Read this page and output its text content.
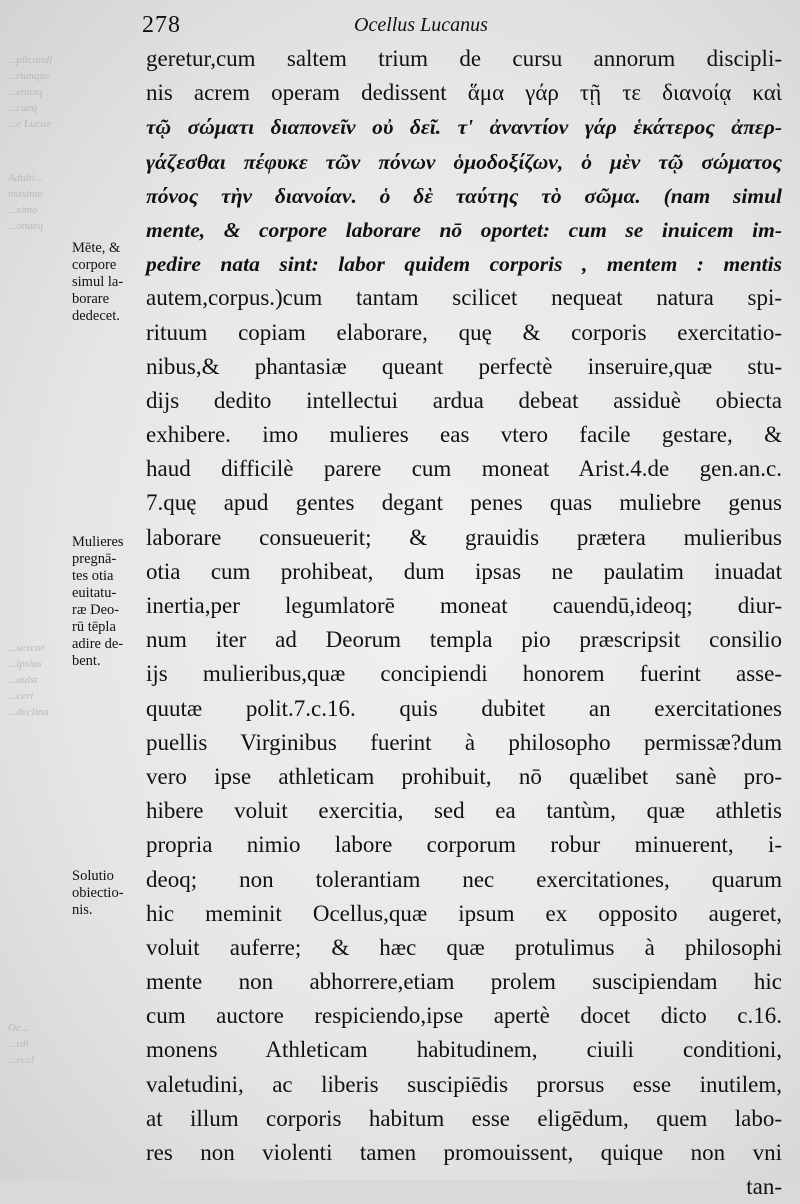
...plicandi
...rumque
...enaxq
...caeq
...e Lucae
Adulti...
maximo
...ximo
...onaeq
...sexcor
...ipsius
...aulst
...ceri
...declina
Oc...
...rdi
...eccl
278	Ocellus Lucanus
Mēte, &
corpore
simul la-
borare
dedecet.
Mulieres
pregnā-
tes otia
euitatu-
ræ Deo-
rū tēpla
adire de-
bent.
Solutio
obiectio-
nis.
geretur,cum saltem trium de cursu annorum discipli-
nis acrem operam dedissent ἅμα γάρ τῇ τε διανοίᾳ καὶ
τῷ σώματι διαπονεῖν οὐ δεῖ. τ' ἀναντίον γάρ ἑκάτερος ἀπερ-
γάζεσθαι πέφυκε τῶν πόνων ὁμοδοξίζων, ὁ μὲν τῷ σώματος
πόνος τὴν διανοίαν. ὁ δὲ ταύτης τὸ σῶμα. (nam simul
mente, & corpore laborare nō oportet: cum se inuicem im-
pedire nata sint: labor quidem corporis , mentem : mentis
autem,corpus.)cum tantam scilicet nequeat natura spi-
rituum copiam elaborare, quę & corporis exercitatio-
nibus,& phantasiæ queant perfectè inseruire,quæ stu-
dijs dedito intellectui ardua debeat assiduè obiecta
exhibere. imo mulieres eas vtero facile gestare, &
haud difficilè parere cum moneat Arist.4.de gen.an.c.
7.quę apud gentes degant penes quas muliebre genus
laborare consueuerit; & grauidis prætera mulieribus
otia cum prohibeat, dum ipsas ne paulatim inuadat
inertia,per legumlatorē moneat cauendū,ideoq; diur-
num iter ad Deorum templa pio præscripsit consilio
ijs mulieribus,quæ concipiendi honorem fuerint asse-
quutæ polit.7.c.16. quis dubitet an exercitationes
puellis Virginibus fuerint à philosopho permissæ?dum
vero ipse athleticam prohibuit, nō quælibet sanè pro-
hibere voluit exercitia, sed ea tantùm, quæ athletis
propria nimio labore corporum robur minuerent, i-
deoq; non tolerantiam nec exercitationes, quarum
hic meminit Ocellus,quæ ipsum ex opposito augeret,
voluit auferre; & hæc quæ protulimus à philosophi
mente non abhorrere,etiam prolem suscipiendam hic
cum auctore respiciendo,ipse apertè docet dicto c.16.
monens Athleticam habitudinem, ciuili conditioni,
valetudini, ac liberis suscipiēdis prorsus esse inutilem,
at illum corporis habitum esse eligēdum, quem labo-
res non violenti tamen promouissent, quique non vni
tan-
